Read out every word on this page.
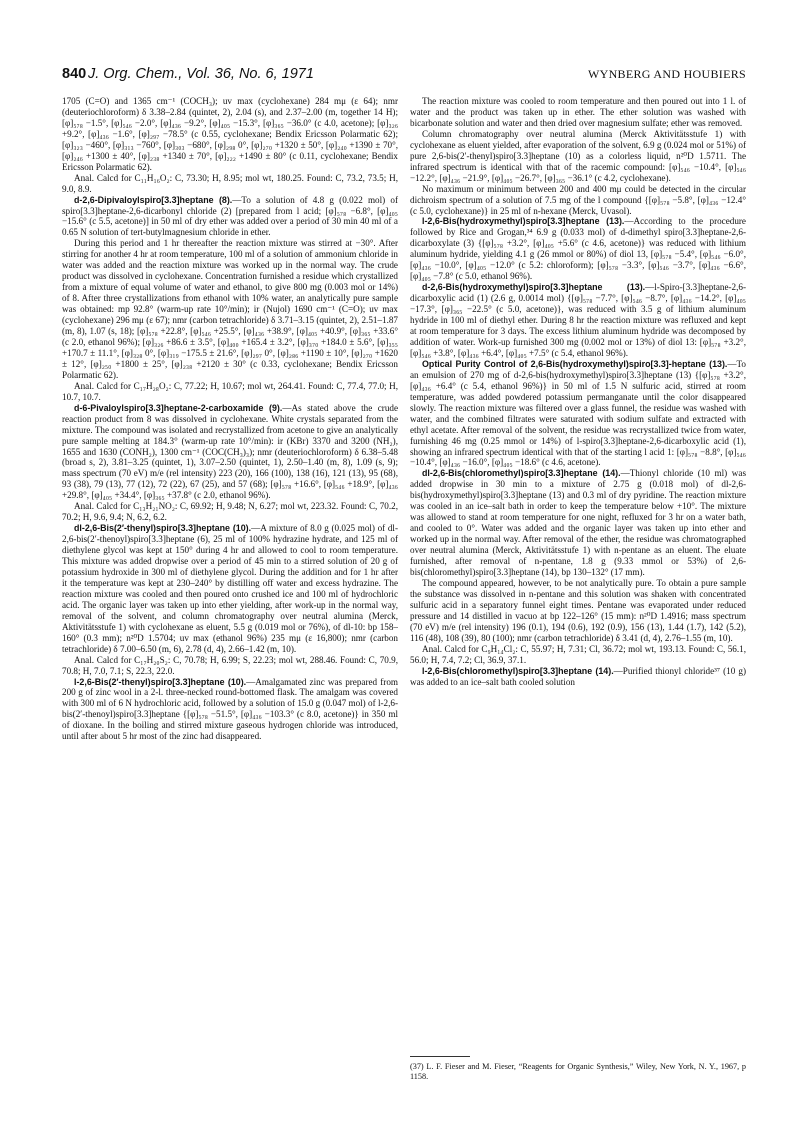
840 J. Org. Chem., Vol. 36, No. 6, 1971	WYNBERG AND HOUBIERS

1705 (C=O) and 1365 cm⁻¹ (COCH₃); uv max (cyclohexane) 284 mμ (ε 64); nmr (deuteriochloroform) δ 3.38–2.84 (quintet, 2), 2.04 (s), and 2.37–2.00 (m, together 14 H); [φ]₅₇₈ −1.5°, [φ]₅₄₆ −2.0°, [φ]₄₃₆ −9.2°, [φ]₄₀₅ −15.3°, [φ]₃₆₅ −36.0° (c 4.0, acetone); [φ]₃₂₆ +9.2°, [φ]₄₃₆ −1.6°, [φ]₂₉₇ −78.5° (c 0.55, cyclohexane; Bendix Ericsson Polarmatic 62); [φ]₃₂₃ −460°, [φ]₃₁₃ −760°, [φ]₃₀₃ −680°, [φ]₂₉₈ 0°, [φ]₂₇₀ +1320 ± 50°, [φ]₂₄₀ +1390 ± 70°, [φ]₂₄₆ +1300 ± 40°, [φ]₂₃₈ +1340 ± 70°, [φ]₂₂₂ +1490 ± 80° (c 0.11, cyclohexane; Bendix Ericsson Polarmatic 62).

Anal. Calcd for C₁₁H₁₆O₂: C, 73.30; H, 8.95; mol wt, 180.25. Found: C, 73.2, 73.5; H, 9.0, 8.9.

d-2,6-Dipivaloylspiro[3.3]heptane (8).—To a solution of 4.8 g (0.022 mol) of spiro[3.3]heptane-2,6-dicarbonyl chloride (2) [prepared from l acid; [φ]₅₇₈ −6.8°, [φ]₄₀₅ −15.6° (c 5.5, acetone)] in 50 ml of dry ether was added over a period of 30 min 40 ml of a 0.65 N solution of tert-butylmagnesium chloride in ether.

During this period and 1 hr thereafter the reaction mixture was stirred at −30°. After stirring for another 4 hr at room temperature, 100 ml of a solution of ammonium chloride in water was added and the reaction mixture was worked up in the normal way. The crude product was dissolved in cyclohexane. Concentration furnished a residue which crystallized from a mixture of equal volume of water and ethanol, to give 800 mg (0.003 mol or 14%) of 8. After three crystallizations from ethanol with 10% water, an analytically pure sample was obtained: mp 92.8° (warm-up rate 10°/min); ir (Nujol) 1690 cm⁻¹ (C=O); uv max (cyclohexane) 296 mμ (ε 67); nmr (carbon tetrachloride) δ 3.71–3.15 (quintet, 2), 2.51–1.87 (m, 8), 1.07 (s, 18); [φ]₅₇₈ +22.8°, [φ]₅₄₆ +25.5°, [φ]₄₃₆ +38.9°, [φ]₄₀₅ +40.9°, [φ]₃₆₅ +33.6° (c 2.0, ethanol 96%); [φ]₃₂₆ +86.6 ± 3.5°, [φ]₄₀₀ +165.4 ± 3.2°, [φ]₃₇₀ +184.0 ± 5.6°, [φ]₃₅₅ +170.7 ± 11.1°, [φ]₃₂₈ 0°, [φ]₃₁₉ −175.5 ± 21.6°, [φ]₂₉₇ 0°, [φ]₂₈₆ +1190 ± 10°, [φ]₂₇₀ +1620 ± 12°, [φ]₂₅₀ +1800 ± 25°, [φ]₂₃₈ +2120 ± 30° (c 0.33, cyclohexane; Bendix Ericsson Polarmatic 62).

Anal. Calcd for C₁₇H₂₈O₂: C, 77.22; H, 10.67; mol wt, 264.41. Found: C, 77.4, 77.0; H, 10.7, 10.7.

d-6-Pivaloylspiro[3.3]heptane-2-carboxamide (9).—As stated above the crude reaction product from 8 was dissolved in cyclohexane. White crystals separated from the mixture. The compound was isolated and recrystallized from acetone to give an analytically pure sample melting at 184.3° (warm-up rate 10°/min): ir (KBr) 3370 and 3200 (NH₂), 1655 and 1630 (CONH₂), 1300 cm⁻¹ (COC(CH₃)₃); nmr (deuteriochloroform) δ 6.38–5.48 (broad s, 2), 3.81–3.25 (quintet, 1), 3.07–2.50 (quintet, 1), 2.50–1.40 (m, 8), 1.09 (s, 9); mass spectrum (70 eV) m/e (rel intensity) 223 (20), 166 (100), 138 (16), 121 (13), 95 (68), 93 (38), 79 (13), 77 (12), 72 (22), 67 (25), and 57 (68); [φ]₅₇₈ +16.6°, [φ]₅₄₆ +18.9°, [φ]₄₃₆ +29.8°, [φ]₄₀₅ +34.4°, [φ]₃₆₅ +37.8° (c 2.0, ethanol 96%).

Anal. Calcd for C₁₃H₂₁NO₂: C, 69.92; H, 9.48; N, 6.27; mol wt, 223.32. Found: C, 70.2, 70.2; H, 9.6, 9.4; N, 6.2, 6.2.

dl-2,6-Bis(2′-thenyl)spiro[3.3]heptane (10).—A mixture of 8.0 g (0.025 mol) of dl-2,6-bis(2′-thenoyl)spiro[3.3]heptane (6), 25 ml of 100% hydrazine hydrate, and 125 ml of diethylene glycol was kept at 150° during 4 hr and allowed to cool to room temperature. This mixture was added dropwise over a period of 45 min to a stirred solution of 20 g of potassium hydroxide in 300 ml of diethylene glycol. During the addition and for 1 hr after it the temperature was kept at 230–240° by distilling off water and excess hydrazine. The reaction mixture was cooled and then poured onto crushed ice and 100 ml of hydrochloric acid. The organic layer was taken up into ether yielding, after work-up in the normal way, removal of the solvent, and column chromatography over neutral alumina (Merck, Aktivitätsstufe 1) with cyclohexane as eluent, 5.5 g (0.019 mol or 76%), of dl-10: bp 158–160° (0.3 mm); n²⁰D 1.5704; uv max (ethanol 96%) 235 mμ (ε 16,800); nmr (carbon tetrachloride) δ 7.00–6.50 (m, 6), 2.78 (d, 4), 2.66–1.42 (m, 10).

Anal. Calcd for C₁₇H₂₀S₂: C, 70.78; H, 6.99; S, 22.23; mol wt, 288.46. Found: C, 70.9, 70.8; H, 7.0, 7.1; S, 22.3, 22.0.

l-2,6-Bis(2′-thenyl)spiro[3.3]heptane (10).—Amalgamated zinc was prepared from 200 g of zinc wool in a 2-l. three-necked round-bottomed flask. The amalgam was covered with 300 ml of 6 N hydrochloric acid, followed by a solution of 15.0 g (0.047 mol) of l-2,6-bis(2′-thenoyl)spiro[3.3]heptane {[φ]₅₇₈ −51.5°, [φ]₄₃₆ −103.3° (c 8.0, acetone)} in 350 ml of dioxane. In the boiling and stirred mixture gaseous hydrogen chloride was introduced, until after about 5 hr most of the zinc had disappeared.

The reaction mixture was cooled to room temperature and then poured out into 1 l. of water and the product was taken up in ether. The ether solution was washed with bicarbonate solution and water and then dried over magnesium sulfate; ether was removed.

Column chromatography over neutral alumina (Merck Aktivitätsstufe 1) with cyclohexane as eluent yielded, after evaporation of the solvent, 6.9 g (0.024 mol or 51%) of pure 2,6-bis(2′-thenyl)spiro[3.3]heptane (10) as a colorless liquid, n²⁰D 1.5711. The infrared spectrum is identical with that of the racemic compound: [φ]₅₄₆ −10.4°, [φ]₅₄₆ −12.2°, [φ]₄₃₆ −21.9°, [φ]₄₀₅ −26.7°, [φ]₃₆₅ −36.1° (c 4.2, cyclohexane).

No maximum or minimum between 200 and 400 mμ could be detected in the circular dichroism spectrum of a solution of 7.5 mg of the l compound {[φ]₅₇₈ −5.8°, [φ]₄₃₆ −12.4° (c 5.0, cyclohexane)} in 25 ml of n-hexane (Merck, Uvasol).

l-2,6-Bis(hydroxymethyl)spiro[3.3]heptane (13).—According to the procedure followed by Rice and Grogan,³⁴ 6.9 g (0.033 mol) of d-dimethyl spiro[3.3]heptane-2,6-dicarboxylate (3) {[φ]₅₇₈ +3.2°, [φ]₄₀₅ +5.6° (c 4.6, acetone)} was reduced with lithium aluminum hydride, yielding 4.1 g (26 mmol or 80%) of diol 13, [φ]₅₇₈ −5.4°, [φ]₅₄₆ −6.0°, [φ]₄₃₆ −10.0°, [φ]₄₀₅ −12.0° (c 5.2: chloroform); [φ]₅₇₈ −3.3°, [φ]₅₄₆ −3.7°, [φ]₄₃₆ −6.6°, [φ]₄₀₅ −7.8° (c 5.0, ethanol 96%).

d-2,6-Bis(hydroxymethyl)spiro[3.3]heptane (13).—l-Spiro-[3.3]heptane-2,6-dicarboxylic acid (1) (2.6 g, 0.0014 mol) {[φ]₅₇₈ −7.7°, [φ]₅₄₆ −8.7°, [φ]₄₃₆ −14.2°, [φ]₄₀₅ −17.3°, [φ]₃₆₅ −22.5° (c 5.0, acetone)}, was reduced with 3.5 g of lithium aluminum hydride in 100 ml of diethyl ether. During 8 hr the reaction mixture was refluxed and kept at room temperature for 3 days. The excess lithium aluminum hydride was decomposed by addition of water. Work-up furnished 300 mg (0.002 mol or 13%) of diol 13: [φ]₅₇₈ +3.2°, [φ]₅₄₆ +3.8°, [φ]₄₃₆ +6.4°, [φ]₄₀₅ +7.5° (c 5.4, ethanol 96%).

Optical Purity Control of 2,6-Bis(hydroxymethyl)spiro[3.3]-heptane (13).—To an emulsion of 270 mg of d-2,6-bis(hydroxymethyl)spiro[3.3]heptane (13) {[φ]₅₇₈ +3.2°, [φ]₄₃₆ +6.4° (c 5.4, ethanol 96%)} in 50 ml of 1.5 N sulfuric acid, stirred at room temperature, was added powdered potassium permanganate until the color disappeared slowly. The reaction mixture was filtered over a glass funnel, the residue was washed with water, and the combined filtrates were saturated with sodium sulfate and extracted with ethyl acetate. After removal of the solvent, the residue was recrystallized twice from water, furnishing 46 mg (0.25 mmol or 14%) of l-spiro[3.3]heptane-2,6-dicarboxylic acid (1), showing an infrared spectrum identical with that of the starting l acid 1: [φ]₅₇₈ −8.8°, [φ]₅₄₆ −10.4°, [φ]₄₃₆ −16.0°, [φ]₄₀₅ −18.6° (c 4.6, acetone).

dl-2,6-Bis(chloromethyl)spiro[3.3]heptane (14).—Thionyl chloride (10 ml) was added dropwise in 30 min to a mixture of 2.75 g (0.018 mol) of dl-2,6-bis(hydroxymethyl)spiro[3.3]heptane (13) and 0.3 ml of dry pyridine. The reaction mixture was cooled in an ice–salt bath in order to keep the temperature below +10°. The mixture was allowed to stand at room temperature for one night, refluxed for 3 hr on a water bath, and cooled to 0°. Water was added and the organic layer was taken up into ether and worked up in the normal way. After removal of the ether, the residue was chromatographed over neutral alumina (Merck, Aktivitätsstufe 1) with n-pentane as an eluent. The eluate furnished, after removal of n-pentane, 1.8 g (9.33 mmol or 53%) of 2,6-bis(chloromethyl)spiro[3.3]heptane (14), bp 130–132° (17 mm).

The compound appeared, however, to be not analytically pure. To obtain a pure sample the substance was dissolved in n-pentane and this solution was shaken with concentrated sulfuric acid in a separatory funnel eight times. Pentane was evaporated under reduced pressure and 14 distilled in vacuo at bp 122–126° (15 mm): n²⁰D 1.4916; mass spectrum (70 eV) m/e (rel intensity) 196 (0.1), 194 (0.6), 192 (0.9), 156 (13), 1.44 (1.7), 142 (5.2), 116 (48), 108 (39), 80 (100); nmr (carbon tetrachloride) δ 3.41 (d, 4), 2.76–1.55 (m, 10).

Anal. Calcd for C₉H₁₄Cl₂: C, 55.97; H, 7.31; Cl, 36.72; mol wt, 193.13. Found: C, 56.1, 56.0; H, 7.4, 7.2; Cl, 36.9, 37.1.

l-2,6-Bis(chloromethyl)spiro[3.3]heptane (14).—Purified thionyl chloride³⁷ (10 g) was added to an ice–salt bath cooled solution

(37) L. F. Fieser and M. Fieser, “Reagents for Organic Synthesis,” Wiley, New York, N. Y., 1967, p 1158.
